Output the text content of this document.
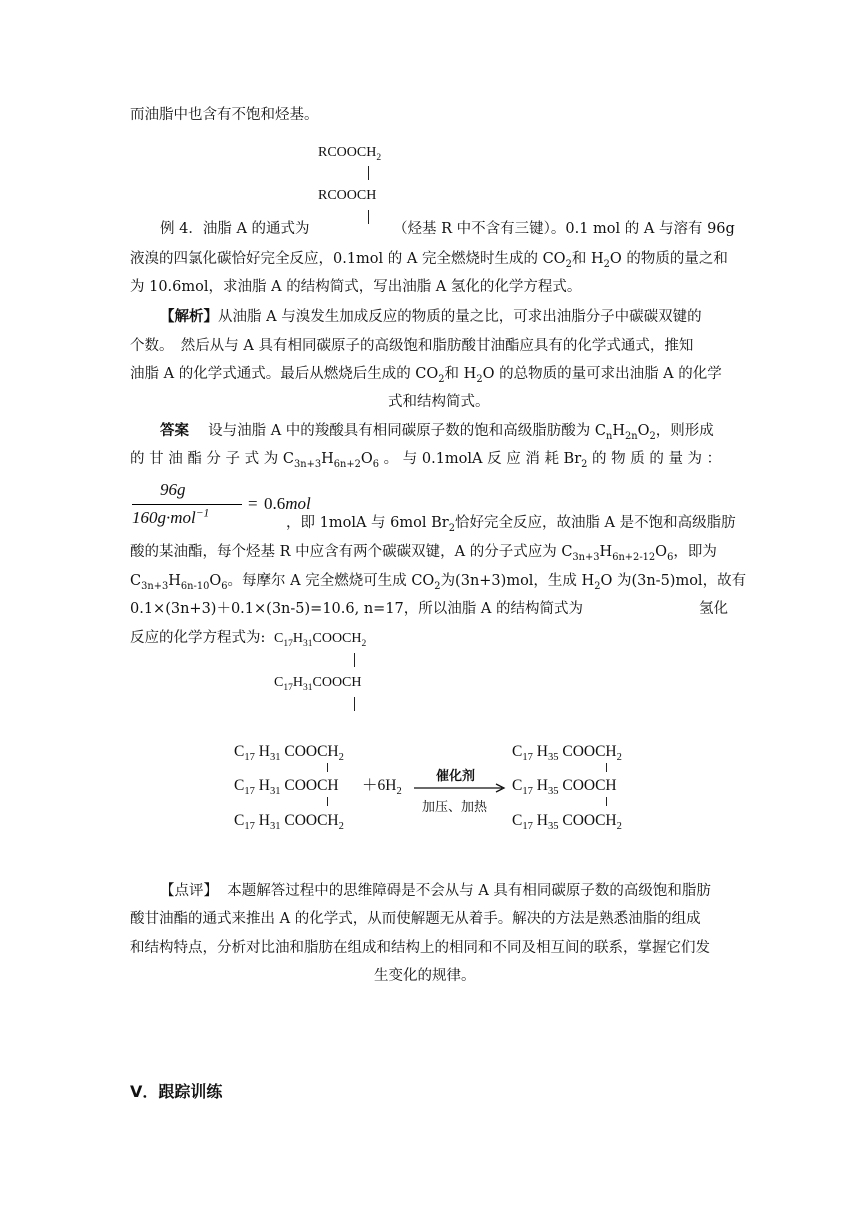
而油脂中也含有不饱和烃基。
$RCOOCH_2$
RCOOCH
例 4．油脂 A 的通式为	（烃基 R 中不含有三键）。0.1 mol 的 A 与溶有 96g
液溴的四氯化碳恰好完全反应，0.1mol 的 A 完全燃烧时生成的 $CO_2$和 $H_2O$ 的物质的量之和
为 10.6mol，求油脂 A 的结构简式，写出油脂 A 氢化的化学方程式。
【解析】从油脂 A 与溴发生加成反应的物质的量之比，可求出油脂分子中碳碳双键的
个数。　然后从与 A 具有相同碳原子的高级饱和脂肪酸甘油酯应具有的化学式通式，推知
油脂 A 的化学式通式。最后从燃烧后生成的 $CO_2$和 $H_2O$ 的总物质的量可求出油脂 A 的化学
式和结构简式。
答案　 设与油脂 A 中的羧酸具有相同碳原子数的饱和高级脂肪酸为 $C_nH_{2n}O_2$，则形成
的 甘 油 酯 分 子 式 为 $C_{3n+3}H_{6n+2}O_6$ 。 与 0.1molA 反 应 消 耗 $Br_2$ 的 物 质 的 量 为 ：
96g
160g·mol$^{-1}$ = 0.6mol
，即 1molA 与 6mol $Br_2$恰好完全反应，故油脂 A 是不饱和高级脂肪
酸的某油酯，每个烃基 R 中应含有两个碳碳双键，A 的分子式应为 $C_{3n+3}H_{6n+2-12}O_6$，即为
$C_{3n+3}H_{6n-10}O_6$。每摩尔 A 完全燃烧可生成 $CO_2$为(3n+3)mol，生成 $H_2O$ 为(3n-5)mol，故有
0.1×(3n+3)＋0.1×(3n-5)=10.6, n=17，所以油脂 A 的结构简式为	氢化
反应的化学方程式为: $C_{17}H_{31}COOCH_2$
$C_{17}H_{31}COOCH$
$C_{17}$ $H_{31}$ $COOCH_2$
$C_{17}$ $H_{31}$ COOCH
$C_{17}$ $H_{31}$ $COOCH_2$
$+6H_2$
催化剂
加压、加热
$C_{17}$ $H_{35}$ $COOCH_2$
$C_{17}$ $H_{35}$ COOCH
$C_{17}$ $H_{35}$ $COOCH_2$
【点评】 本题解答过程中的思维障碍是不会从与 A 具有相同碳原子数的高级饱和脂肪
酸甘油酯的通式来推出 A 的化学式，从而使解题无从着手。解决的方法是熟悉油脂的组成
和结构特点，分析对比油和脂肪在组成和结构上的相同和不同及相互间的联系，掌握它们发
生变化的规律。
V．跟踪训练
